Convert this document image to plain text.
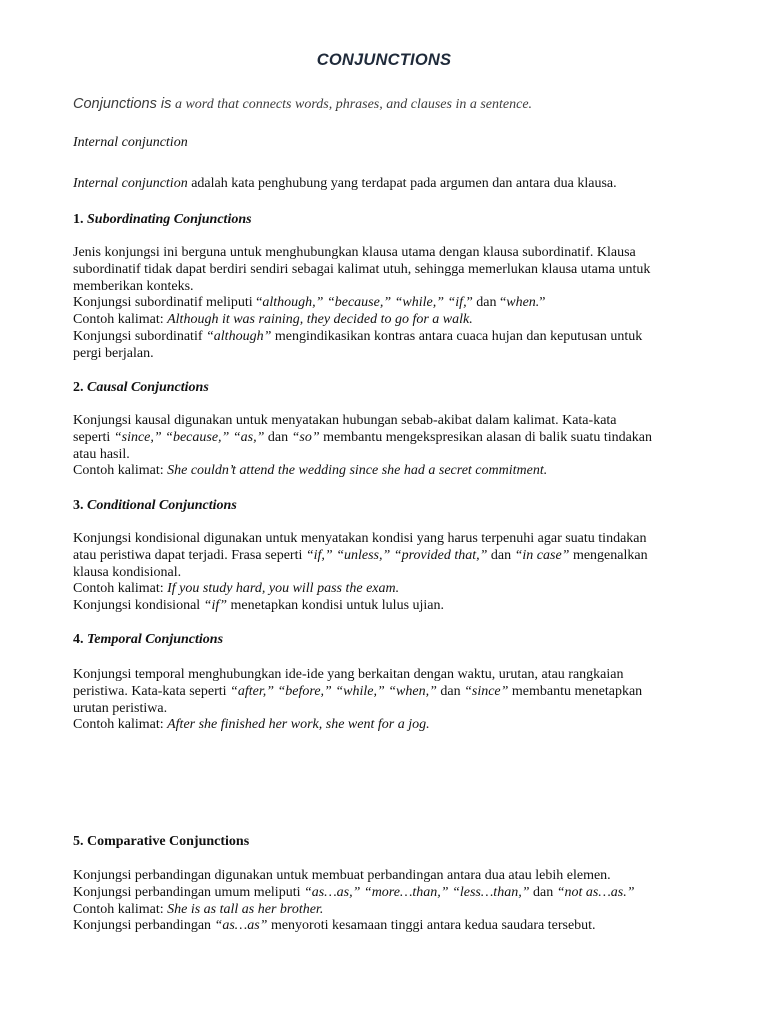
CONJUNCTIONS

Conjunctions is a word that connects words, phrases, and clauses in a sentence.

Internal conjunction

Internal conjunction adalah kata penghubung yang terdapat pada argumen dan antara dua klausa.

1. Subordinating Conjunctions

Jenis konjungsi ini berguna untuk menghubungkan klausa utama dengan klausa subordinatif. Klausa
subordinatif tidak dapat berdiri sendiri sebagai kalimat utuh, sehingga memerlukan klausa utama untuk
memberikan konteks.
Konjungsi subordinatif meliputi “although,” “because,” “while,” “if,” dan “when.”
Contoh kalimat: Although it was raining, they decided to go for a walk.
Konjungsi subordinatif “although” mengindikasikan kontras antara cuaca hujan dan keputusan untuk
pergi berjalan.

2. Causal Conjunctions

Konjungsi kausal digunakan untuk menyatakan hubungan sebab-akibat dalam kalimat. Kata-kata
seperti “since,” “because,” “as,” dan “so” membantu mengekspresikan alasan di balik suatu tindakan
atau hasil.
Contoh kalimat: She couldn’t attend the wedding since she had a secret commitment.

3. Conditional Conjunctions

Konjungsi kondisional digunakan untuk menyatakan kondisi yang harus terpenuhi agar suatu tindakan
atau peristiwa dapat terjadi. Frasa seperti “if,” “unless,” “provided that,” dan “in case” mengenalkan
klausa kondisional.
Contoh kalimat: If you study hard, you will pass the exam.
Konjungsi kondisional “if” menetapkan kondisi untuk lulus ujian.

4. Temporal Conjunctions

Konjungsi temporal menghubungkan ide-ide yang berkaitan dengan waktu, urutan, atau rangkaian
peristiwa. Kata-kata seperti “after,” “before,” “while,” “when,” dan “since” membantu menetapkan
urutan peristiwa.
Contoh kalimat: After she finished her work, she went for a jog.

5. Comparative Conjunctions

Konjungsi perbandingan digunakan untuk membuat perbandingan antara dua atau lebih elemen.
Konjungsi perbandingan umum meliputi “as…as,” “more…than,” “less…than,” dan “not as…as.”
Contoh kalimat: She is as tall as her brother.
Konjungsi perbandingan “as…as” menyoroti kesamaan tinggi antara kedua saudara tersebut.
